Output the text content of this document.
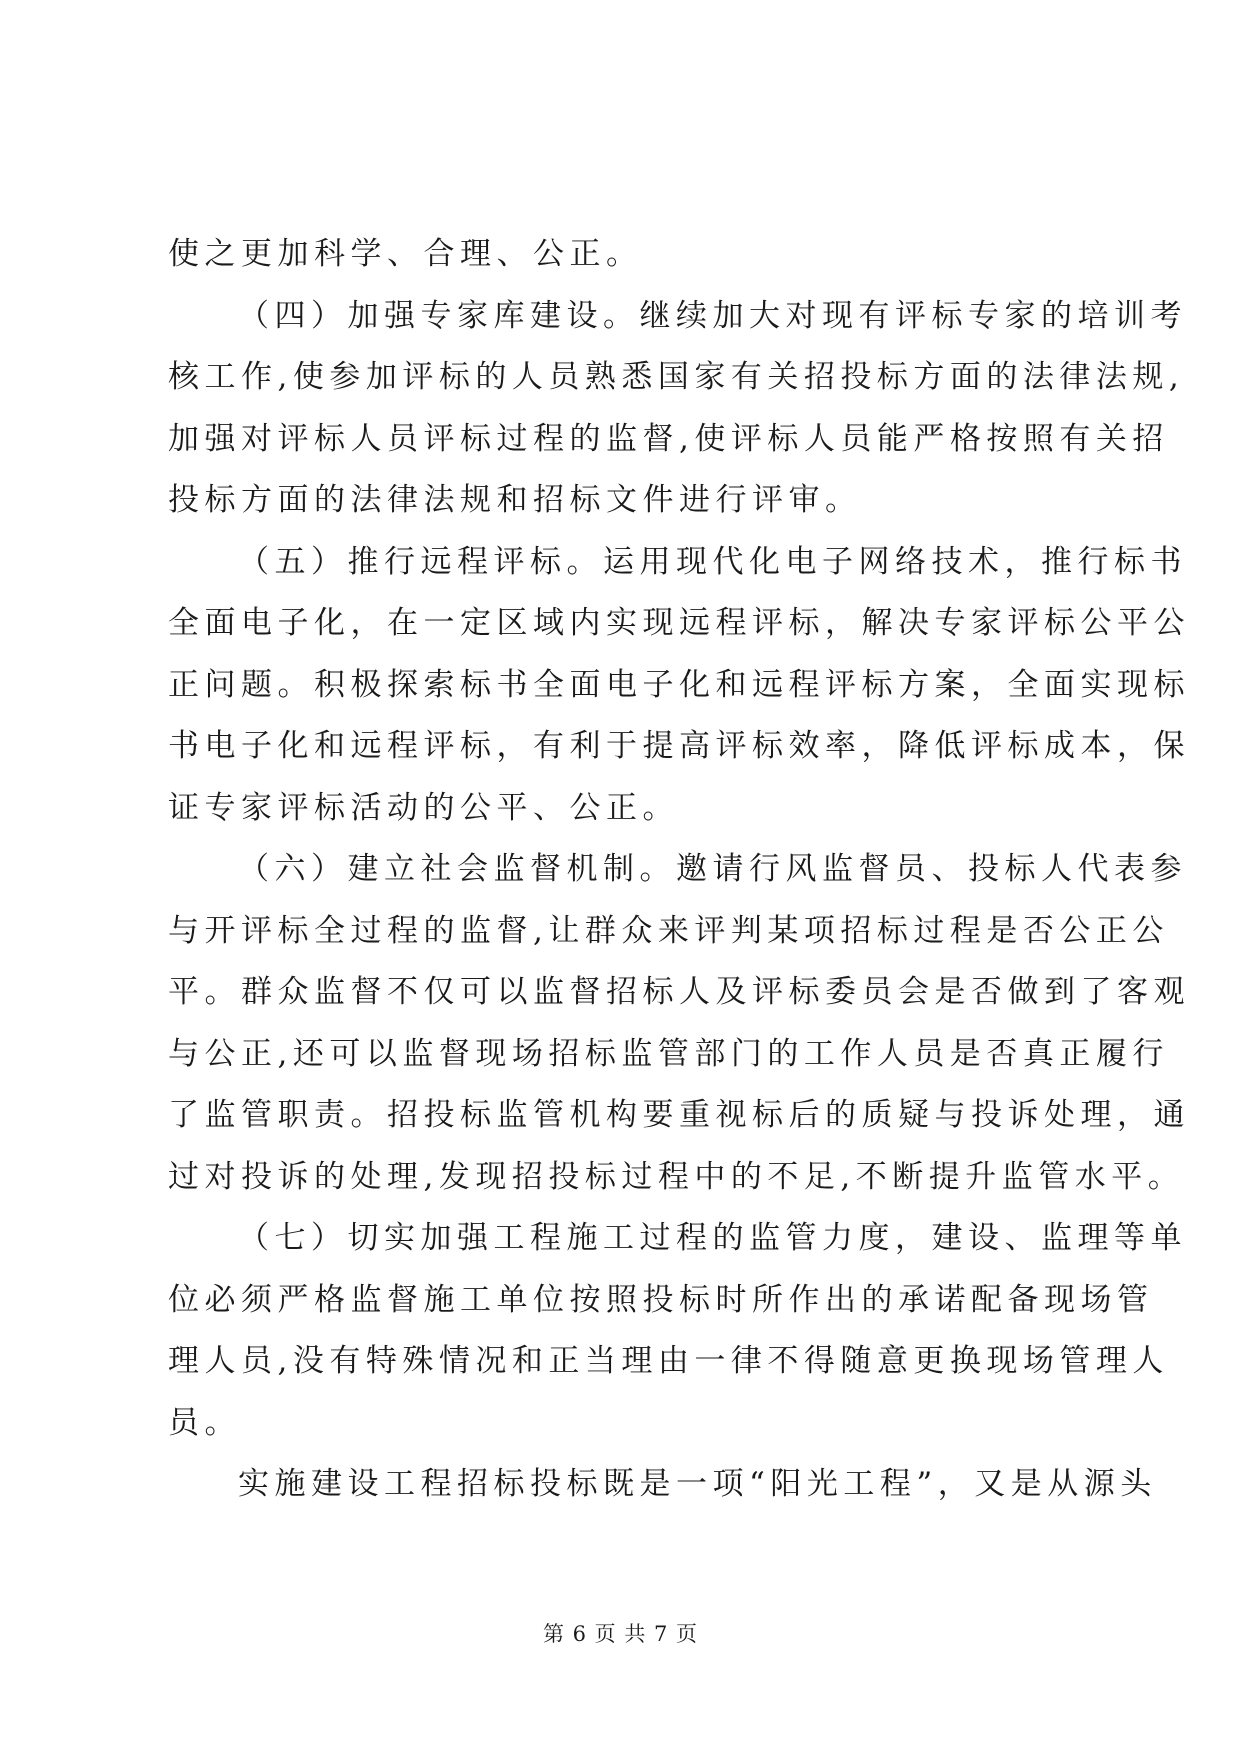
使之更加科学、合理、公正。
（四）加强专家库建设。继续加大对现有评标专家的培训考
核工作,使参加评标的人员熟悉国家有关招投标方面的法律法规,
加强对评标人员评标过程的监督,使评标人员能严格按照有关招
投标方面的法律法规和招标文件进行评审。
（五）推行远程评标。运用现代化电子网络技术，推行标书
全面电子化，在一定区域内实现远程评标，解决专家评标公平公
正问题。积极探索标书全面电子化和远程评标方案，全面实现标
书电子化和远程评标，有利于提高评标效率，降低评标成本，保
证专家评标活动的公平、公正。
（六）建立社会监督机制。邀请行风监督员、投标人代表参
与开评标全过程的监督,让群众来评判某项招标过程是否公正公
平。群众监督不仅可以监督招标人及评标委员会是否做到了客观
与公正,还可以监督现场招标监管部门的工作人员是否真正履行
了监管职责。招投标监管机构要重视标后的质疑与投诉处理，通
过对投诉的处理,发现招投标过程中的不足,不断提升监管水平。
（七）切实加强工程施工过程的监管力度，建设、监理等单
位必须严格监督施工单位按照投标时所作出的承诺配备现场管
理人员,没有特殊情况和正当理由一律不得随意更换现场管理人
员。
实施建设工程招标投标既是一项“阳光工程”，又是从源头
第 6 页 共 7 页
